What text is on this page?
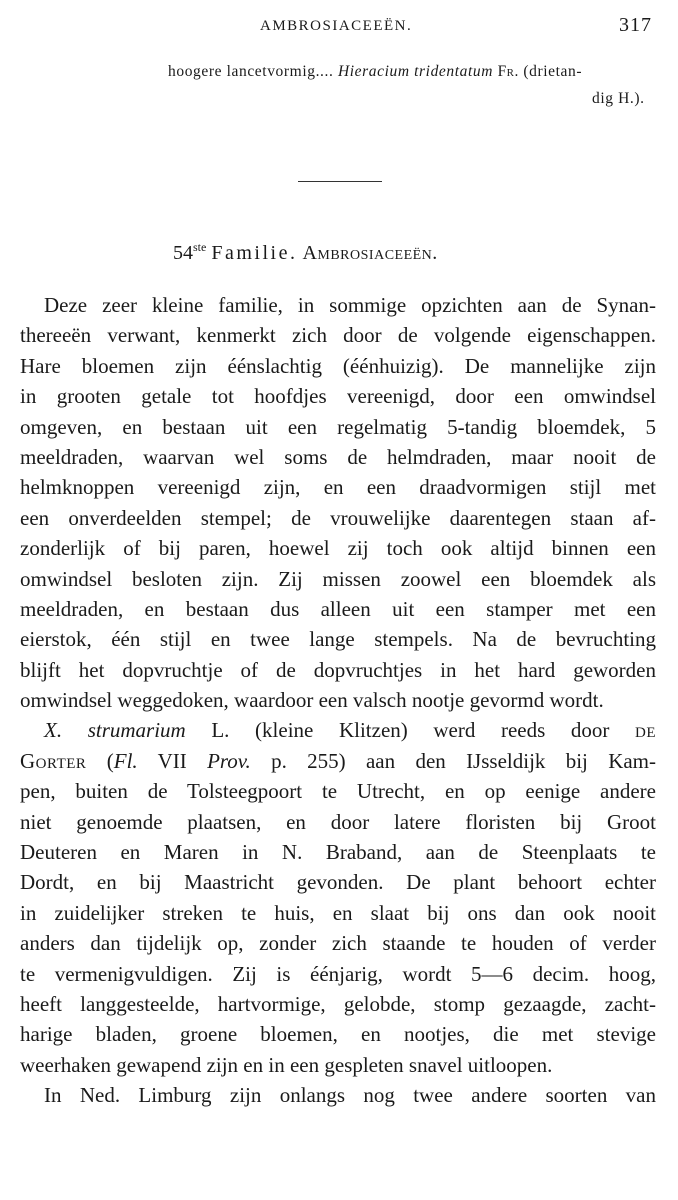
AMBROSIACEEËN.	317
hoogere lancetvormig.... Hieracium tridentatum Fr. (drietan-
dig H.).
54ste Familie. Ambrosiaceeën.
Deze zeer kleine familie, in sommige opzichten aan de Synan-
thereeën verwant, kenmerkt zich door de volgende eigenschappen.
Hare bloemen zijn éénslachtig (éénhuizig). De mannelijke zijn
in grooten getale tot hoofdjes vereenigd, door een omwindsel
omgeven, en bestaan uit een regelmatig 5-tandig bloemdek, 5
meeldraden, waarvan wel soms de helmdraden, maar nooit de
helmknoppen vereenigd zijn, en een draadvormigen stijl met
een onverdeelden stempel; de vrouwelijke daarentegen staan af-
zonderlijk of bij paren, hoewel zij toch ook altijd binnen een
omwindsel besloten zijn. Zij missen zoowel een bloemdek als
meeldraden, en bestaan dus alleen uit een stamper met een
eierstok, één stijl en twee lange stempels. Na de bevruchting
blijft het dopvruchtje of de dopvruchtjes in het hard geworden
omwindsel weggedoken, waardoor een valsch nootje gevormd wordt.
X. strumarium L. (kleine Klitzen) werd reeds door de
Gorter (Fl. VII Prov. p. 255) aan den IJsseldijk bij Kam-
pen, buiten de Tolsteegpoort te Utrecht, en op eenige andere
niet genoemde plaatsen, en door latere floristen bij Groot
Deuteren en Maren in N. Braband, aan de Steenplaats te
Dordt, en bij Maastricht gevonden. De plant behoort echter
in zuidelijker streken te huis, en slaat bij ons dan ook nooit
anders dan tijdelijk op, zonder zich staande te houden of verder
te vermenigvuldigen. Zij is éénjarig, wordt 5—6 decim. hoog,
heeft langgesteelde, hartvormige, gelobde, stomp gezaagde, zacht-
harige bladen, groene bloemen, en nootjes, die met stevige
weerhaken gewapend zijn en in een gespleten snavel uitloopen.
In Ned. Limburg zijn onlangs nog twee andere soorten van
